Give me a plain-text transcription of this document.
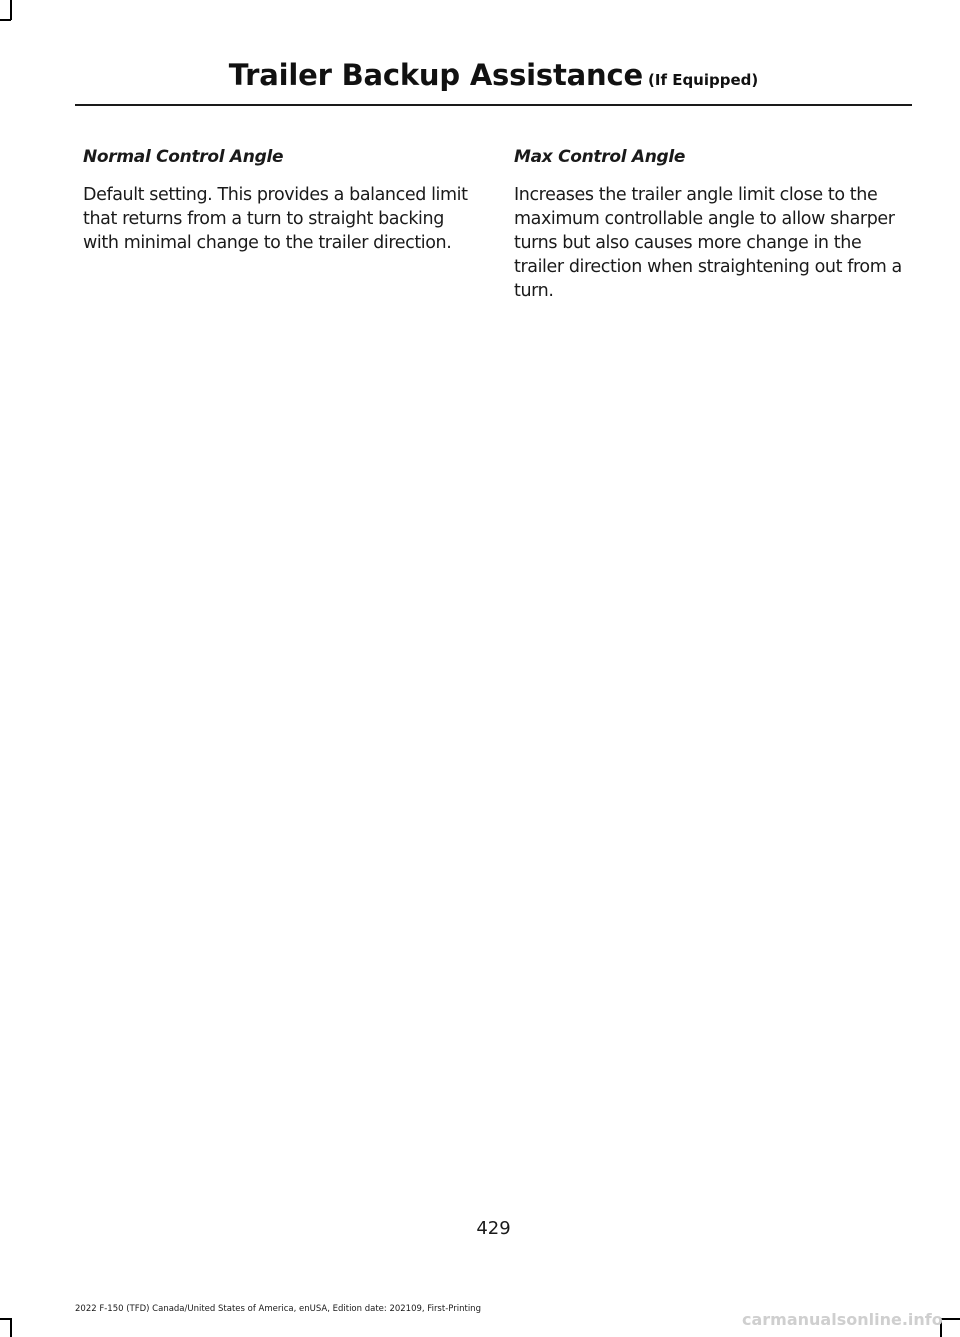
Trailer Backup Assistance (If Equipped)
Normal Control Angle

Default setting. This provides a balanced limit that returns from a turn to straight backing with minimal change to the trailer direction.

Max Control Angle

Increases the trailer angle limit close to the maximum controllable angle to allow sharper turns but also causes more change in the trailer direction when straightening out from a turn.

429
2022 F-150 (TFD) Canada/United States of America, enUSA, Edition date: 202109, First-Printing
carmanualsonline.info
